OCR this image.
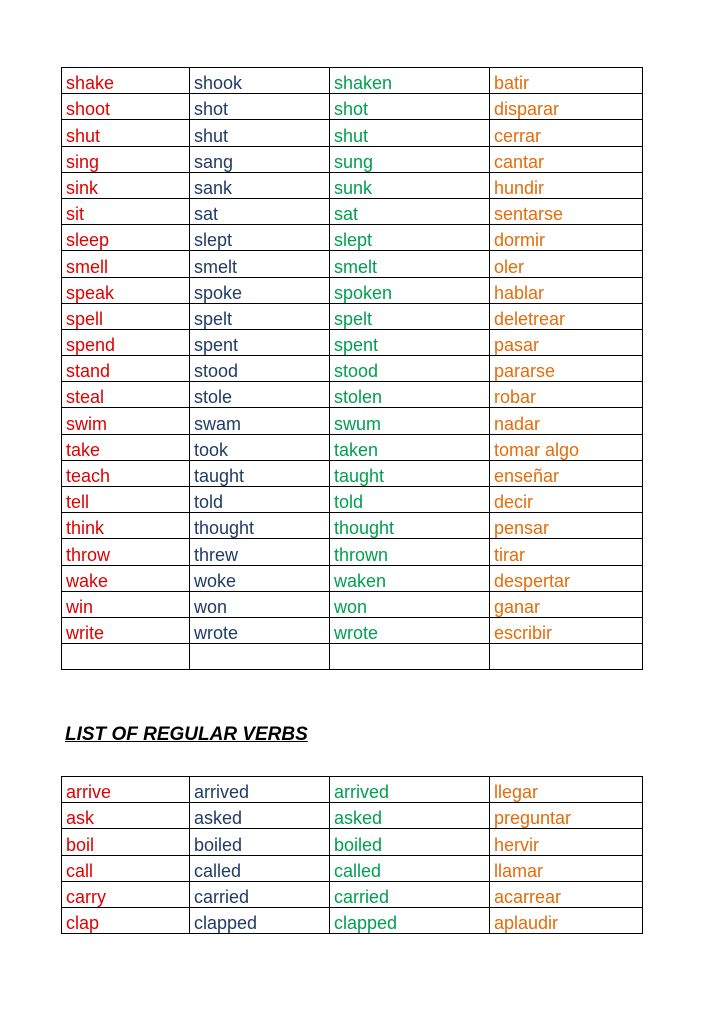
shake	shook	shaken	batir
shoot	shot	shot	disparar
shut	shut	shut	cerrar
sing	sang	sung	cantar
sink	sank	sunk	hundir
sit	sat	sat	sentarse
sleep	slept	slept	dormir
smell	smelt	smelt	oler
speak	spoke	spoken	hablar
spell	spelt	spelt	deletrear
spend	spent	spent	pasar
stand	stood	stood	pararse
steal	stole	stolen	robar
swim	swam	swum	nadar
take	took	taken	tomar algo
teach	taught	taught	enseñar
tell	told	told	decir
think	thought	thought	pensar
throw	threw	thrown	tirar
wake	woke	waken	despertar
win	won	won	ganar
write	wrote	wrote	escribir

LIST OF REGULAR VERBS
arrive	arrived	arrived	llegar
ask	asked	asked	preguntar
boil	boiled	boiled	hervir
call	called	called	llamar
carry	carried	carried	acarrear
clap	clapped	clapped	aplaudir
